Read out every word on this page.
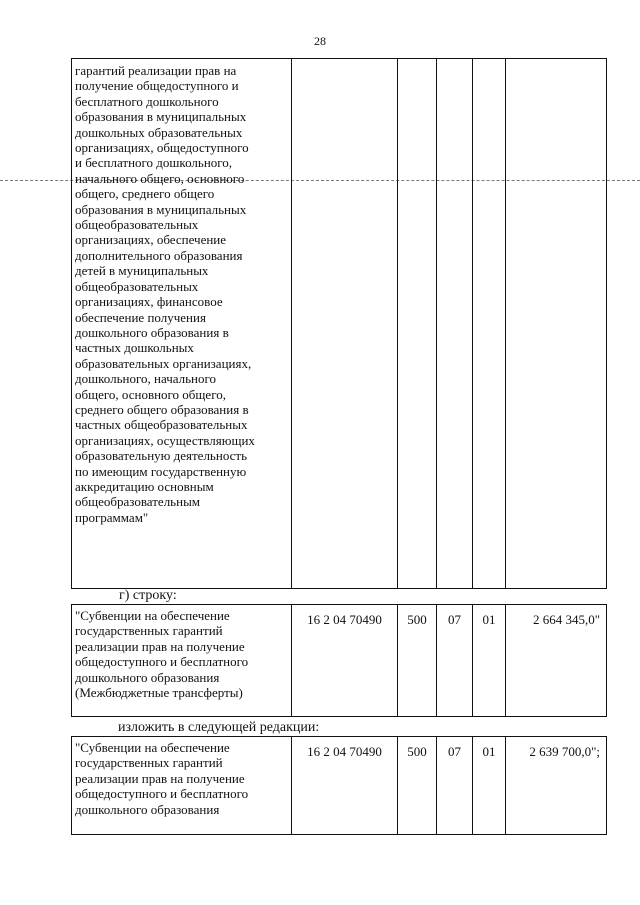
28
гарантий реализации прав на
получение общедоступного и
бесплатного дошкольного
образования в муниципальных
дошкольных образовательных
организациях, общедоступного
и бесплатного дошкольного,
начального общего, основного
общего, среднего общего
образования в муниципальных
общеобразовательных
организациях, обеспечение
дополнительного образования
детей в муниципальных
общеобразовательных
организациях, финансовое
обеспечение получения
дошкольного образования в
частных дошкольных
образовательных организациях,
дошкольного, начального
общего, основного общего,
среднего общего образования в
частных общеобразовательных
организациях, осуществляющих
образовательную деятельность
по имеющим государственную
аккредитацию основным
общеобразовательным
программам"

г) строку:
"Субвенции на обеспечение
государственных гарантий
реализации прав на получение
общедоступного и бесплатного
дошкольного образования
(Межбюджетные трансферты)
	16 2 04 70490	500	07	01	2 664 345,0"
изложить в следующей редакции:
"Субвенции на обеспечение
государственных гарантий
реализации прав на получение
общедоступного и бесплатного
дошкольного образования
	16 2 04 70490	500	07	01	2 639 700,0";
